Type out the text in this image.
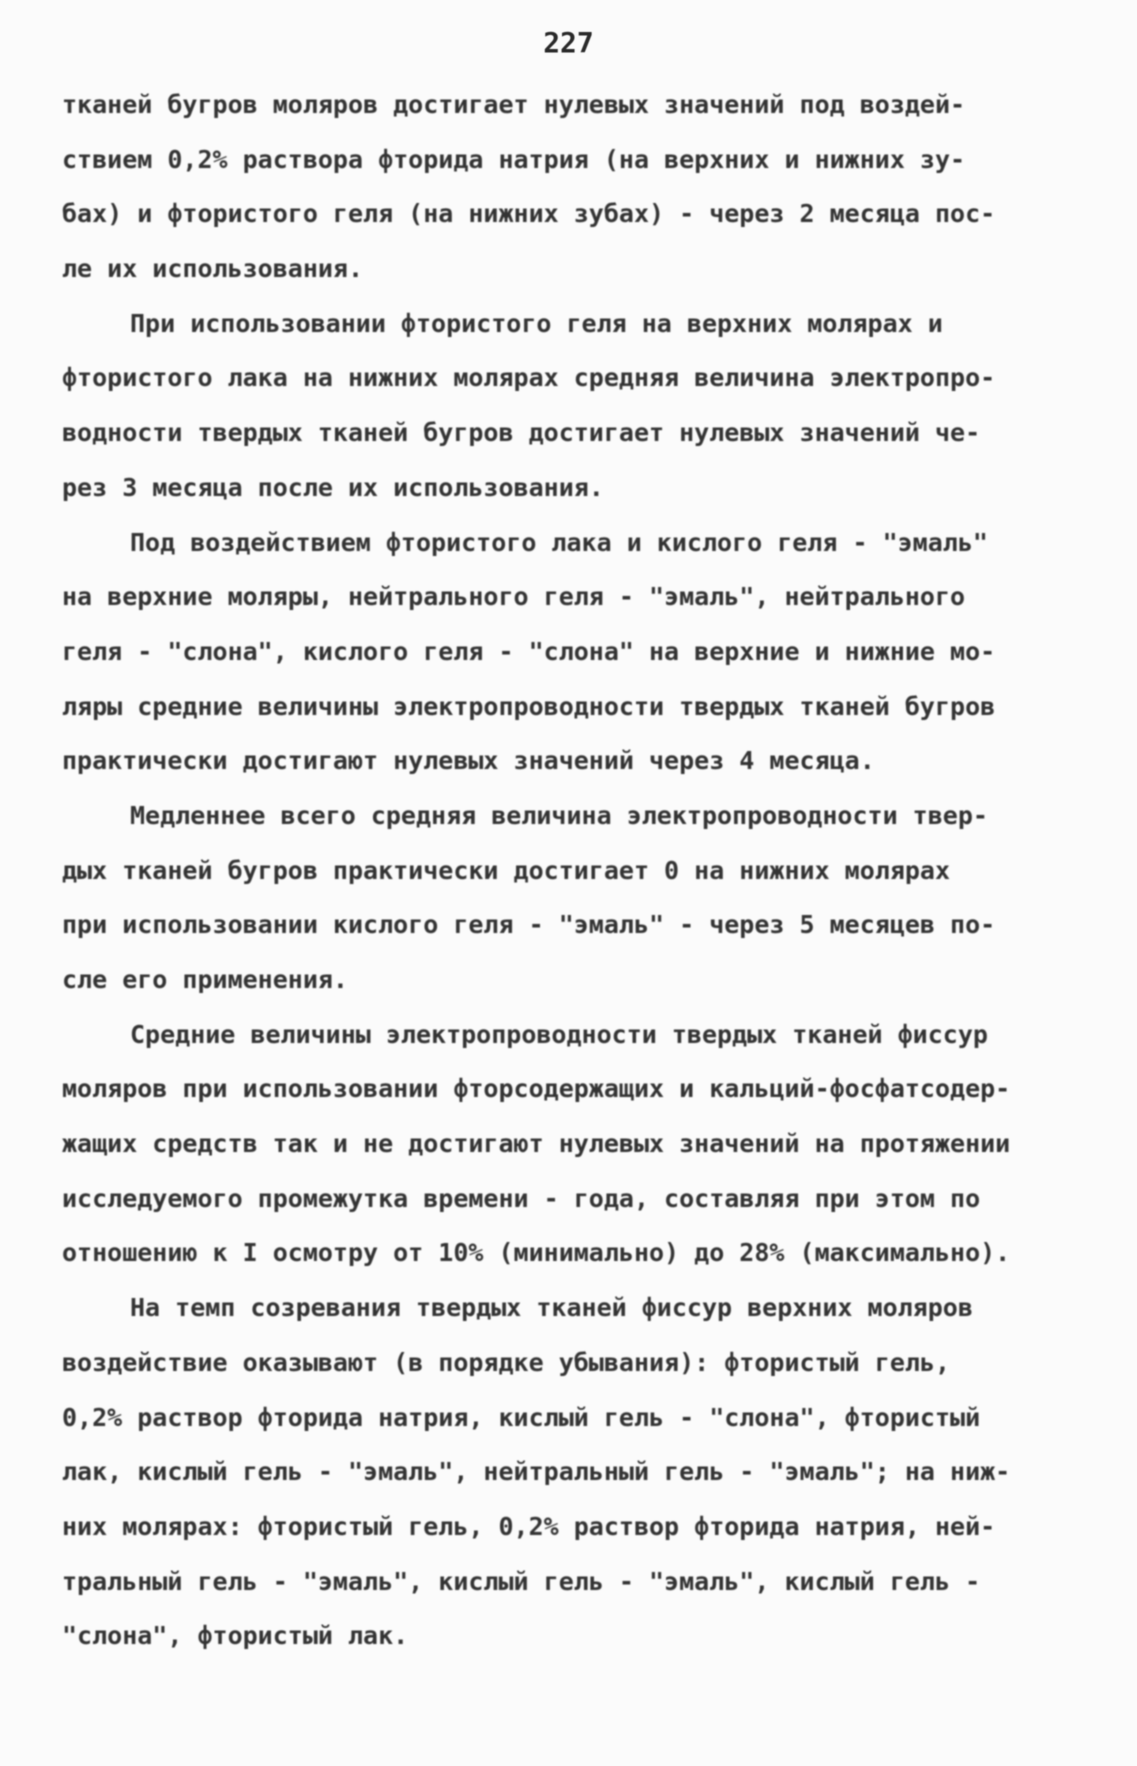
227
тканей бугров моляров достигает нулевых значений под воздей-
ствием 0,2% раствора фторида натрия (на верхних и нижних зу-
бах) и фтористого геля (на нижних зубах) - через 2 месяца пос-
ле их использования.
При использовании фтористого геля на верхних молярах и
фтористого лака на нижних молярах средняя величина электропро-
водности твердых тканей бугров достигает нулевых значений че-
рез 3 месяца после их использования.
Под воздействием фтористого лака и кислого геля - "эмаль"
на верхние моляры, нейтрального геля - "эмаль", нейтрального
геля - "слона", кислого геля - "слона" на верхние и нижние мо-
ляры средние величины электропроводности твердых тканей бугров
практически достигают нулевых значений через 4 месяца.
Медленнее всего средняя величина электропроводности твер-
дых тканей бугров практически достигает 0 на нижних молярах
при использовании кислого геля - "эмаль" - через 5 месяцев по-
сле его применения.
Средние величины электропроводности твердых тканей фиссур
моляров при использовании фторсодержащих и кальций-фосфатсодер-
жащих средств так и не достигают нулевых значений на протяжении
исследуемого промежутка времени - года, составляя при этом по
отношению к I осмотру от 10% (минимально) до 28% (максимально).
На темп созревания твердых тканей фиссур верхних моляров
воздействие оказывают (в порядке убывания): фтористый гель,
0,2% раствор фторида натрия, кислый гель - "слона", фтористый
лак, кислый гель - "эмаль", нейтральный гель - "эмаль"; на ниж-
них молярах: фтористый гель, 0,2% раствор фторида натрия, ней-
тральный гель - "эмаль", кислый гель - "эмаль", кислый гель -
"слона", фтористый лак.
